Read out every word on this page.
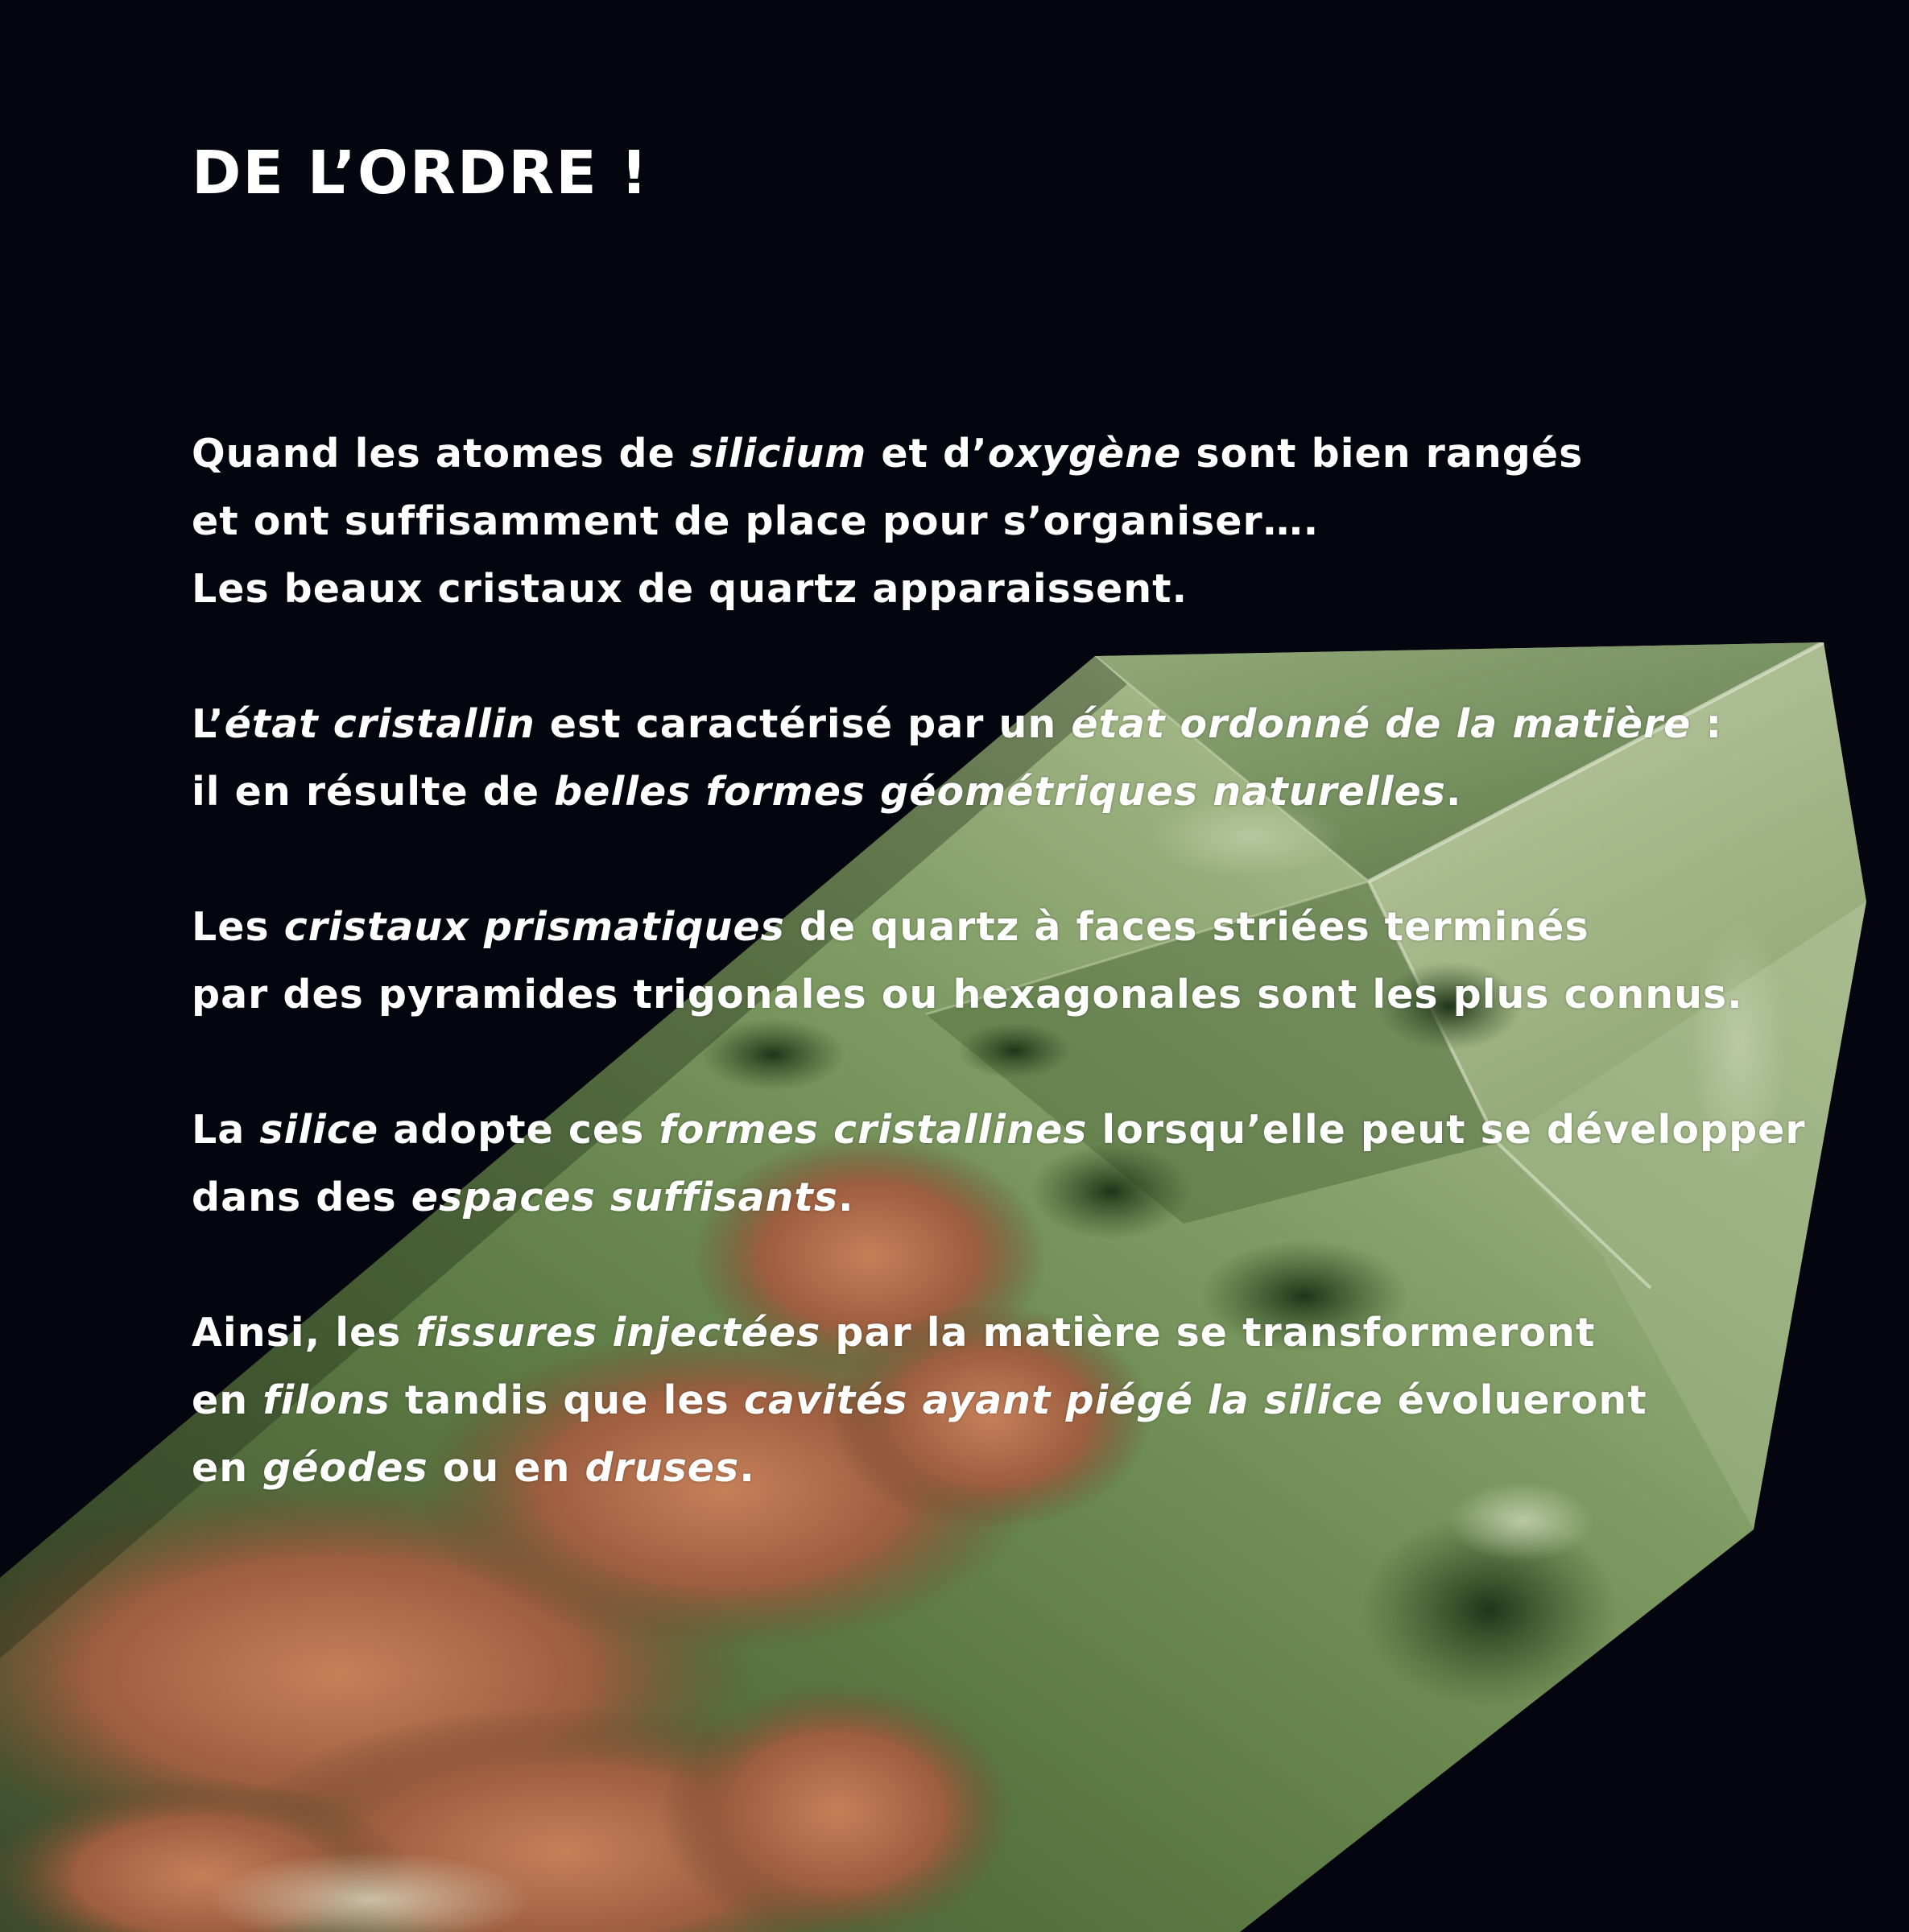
DE L’ORDRE !

Quand les atomes de silicium et d’oxygène sont bien rangés
et ont suffisamment de place pour s’organiser….
Les beaux cristaux de quartz apparaissent.

L’état cristallin est caractérisé par un état ordonné de la matière :
il en résulte de belles formes géométriques naturelles.

Les cristaux prismatiques de quartz à faces striées terminés
par des pyramides trigonales ou hexagonales sont les plus connus.

La silice adopte ces formes cristallines lorsqu’elle peut se développer
dans des espaces suffisants.

Ainsi, les fissures injectées par la matière se transformeront
en filons tandis que les cavités ayant piégé la silice évolueront
en géodes ou en druses.
